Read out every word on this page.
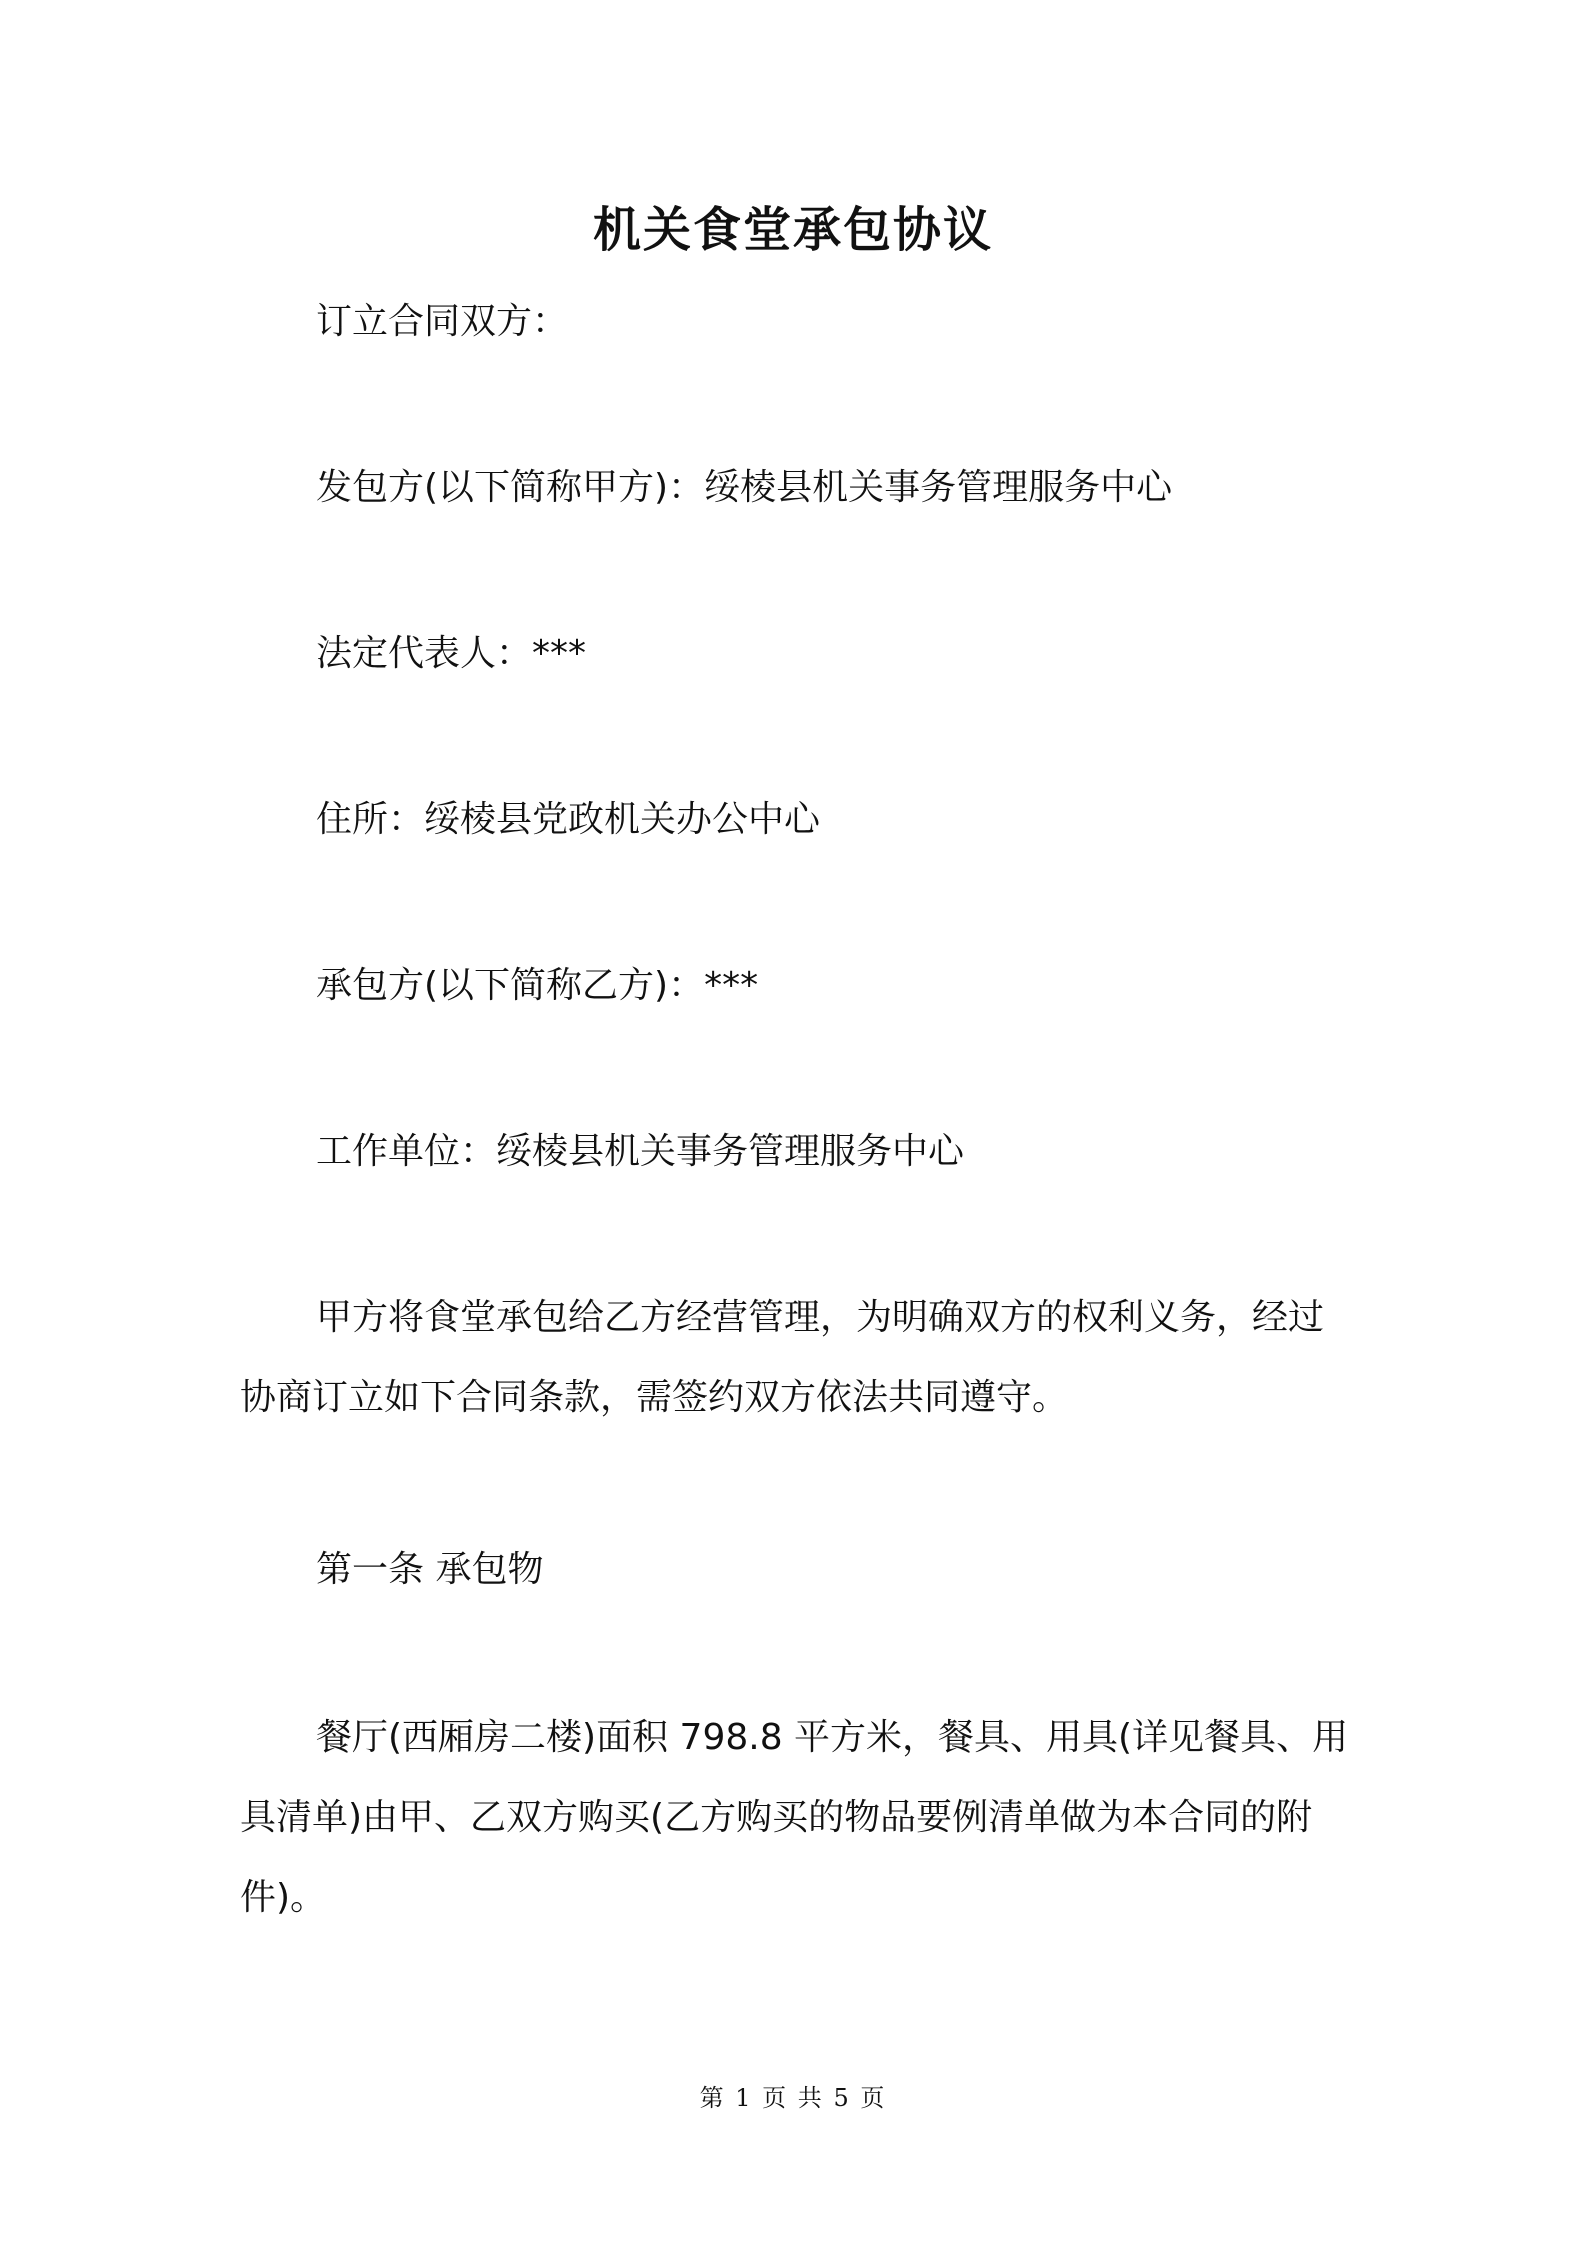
机关食堂承包协议

订立合同双方：

发包方(以下简称甲方)：绥棱县机关事务管理服务中心

法定代表人：***

住所：绥棱县党政机关办公中心

承包方(以下简称乙方)：***

工作单位：绥棱县机关事务管理服务中心

甲方将食堂承包给乙方经营管理，为明确双方的权利义务，经过协商订立如下合同条款，需签约双方依法共同遵守。

第一条 承包物

餐厅(西厢房二楼)面积 798.8 平方米，餐具、用具(详见餐具、用具清单)由甲、乙双方购买(乙方购买的物品要例清单做为本合同的附件)。

第 1 页 共 5 页
